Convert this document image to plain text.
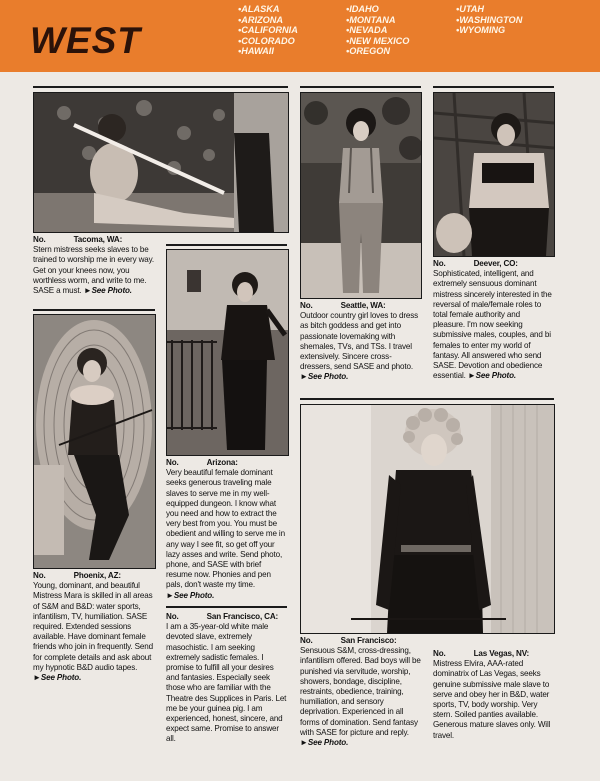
WEST
•ALASKA
•ARIZONA
•CALIFORNIA
•COLORADO
•HAWAII
•IDAHO
•MONTANA
•NEVADA
•NEW MEXICO
•OREGON
•UTAH
•WASHINGTON
•WYOMING
No.	Tacoma, WA:

Stern mistress seeks slaves to be trained to worship me in every way. Get on your knees now, you worthless worm, and write to me. SASE a must. ►See Photo.

No.	Phoenix, AZ:

Young, dominant, and beautiful Mistress Mara is skilled in all areas of S&M and B&D: water sports, infantilism, TV, humiliation. SASE required. Extended sessions available. Have dominant female friends who join in frequently. Send for complete details and ask about my hypnotic B&D audio tapes. ►See Photo.

No.	Arizona:

Very beautiful female dominant seeks generous traveling male slaves to serve me in my well-equipped dungeon. I know what you need and how to extract the very best from you. You must be obedient and willing to serve me in any way I see fit, so get off your lazy asses and write. Send photo, phone, and SASE with brief resume now. Phonies and pen pals, don't waste my time. ►See Photo.

No.	San Francisco, CA:

I am a 35-year-old white male devoted slave, extremely masochistic. I am seeking extremely sadistic females. I promise to fulfill all your desires and fantasies. Especially seek those who are familiar with the Theatre des Supplices in Paris. Let me be your guinea pig. I am experienced, honest, sincere, and expect same. Promise to answer all.

No.	Seattle, WA:

Outdoor country girl loves to dress as bitch goddess and get into passionate lovemaking with shemales, TVs, and TSs. I travel extensively. Sincere cross-dressers, send SASE and photo. ►See Photo.

No.	Deever, CO:

Sophisticated, intelligent, and extremely sensuous dominant mistress sincerely interested in the reversal of male/female roles to total female authority and pleasure. I'm now seeking submissive males, couples, and bi females to enter my world of fantasy. All answered who send SASE. Devotion and obedience essential. ►See Photo.

No.	San Francisco:

Sensuous S&M, cross-dressing, infantilism offered. Bad boys will be punished via servitude, worship, showers, bondage, discipline, restraints, obedience, training, humiliation, and sensory deprivation. Experienced in all forms of domination. Send fantasy with SASE for picture and reply. ►See Photo.

No.	Las Vegas, NV:

Mistress Elvira, AAA-rated dominatrix of Las Vegas, seeks genuine submissive male slave to serve and obey her in B&D, water sports, TV, body worship. Very stern. Soiled panties available. Generous mature slaves only. Will travel.
